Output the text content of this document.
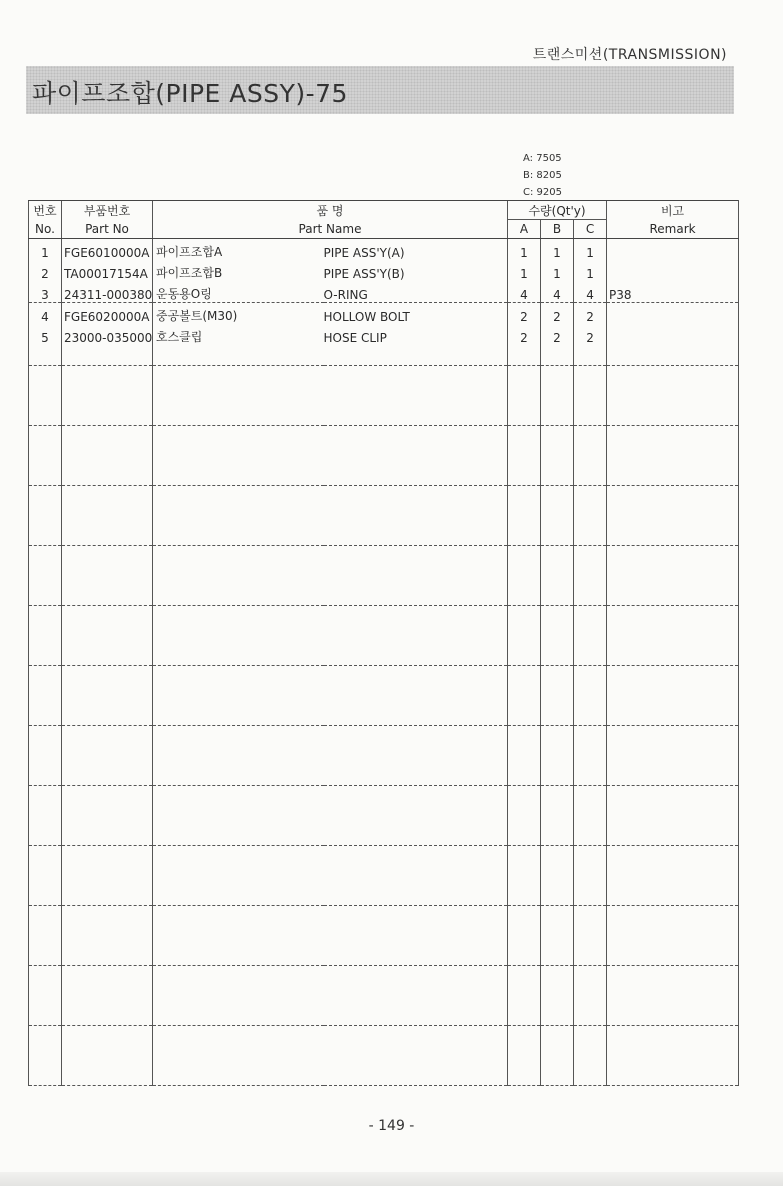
트랜스미션(TRANSMISSION)
파이프조합(PIPE ASSY)-75
A: 7505
B: 8205
C: 9205
번호	부품번호	품 명		수량(Qt'y)			비고
No.	Part No	Part Name		A	B	C	Remark
1	FGE6010000A	파이프조합A	PIPE ASS'Y(A)	1	1	1	
2	TA00017154A	파이프조합B	PIPE ASS'Y(B)	1	1	1	
3	24311-000380	운동용O링	O-RING	4	4	4	P38
4	FGE6020000A	중공볼트(M30)	HOLLOW BOLT	2	2	2	
5	23000-035000	호스클립	HOSE CLIP	2	2	2	

- 149 -
